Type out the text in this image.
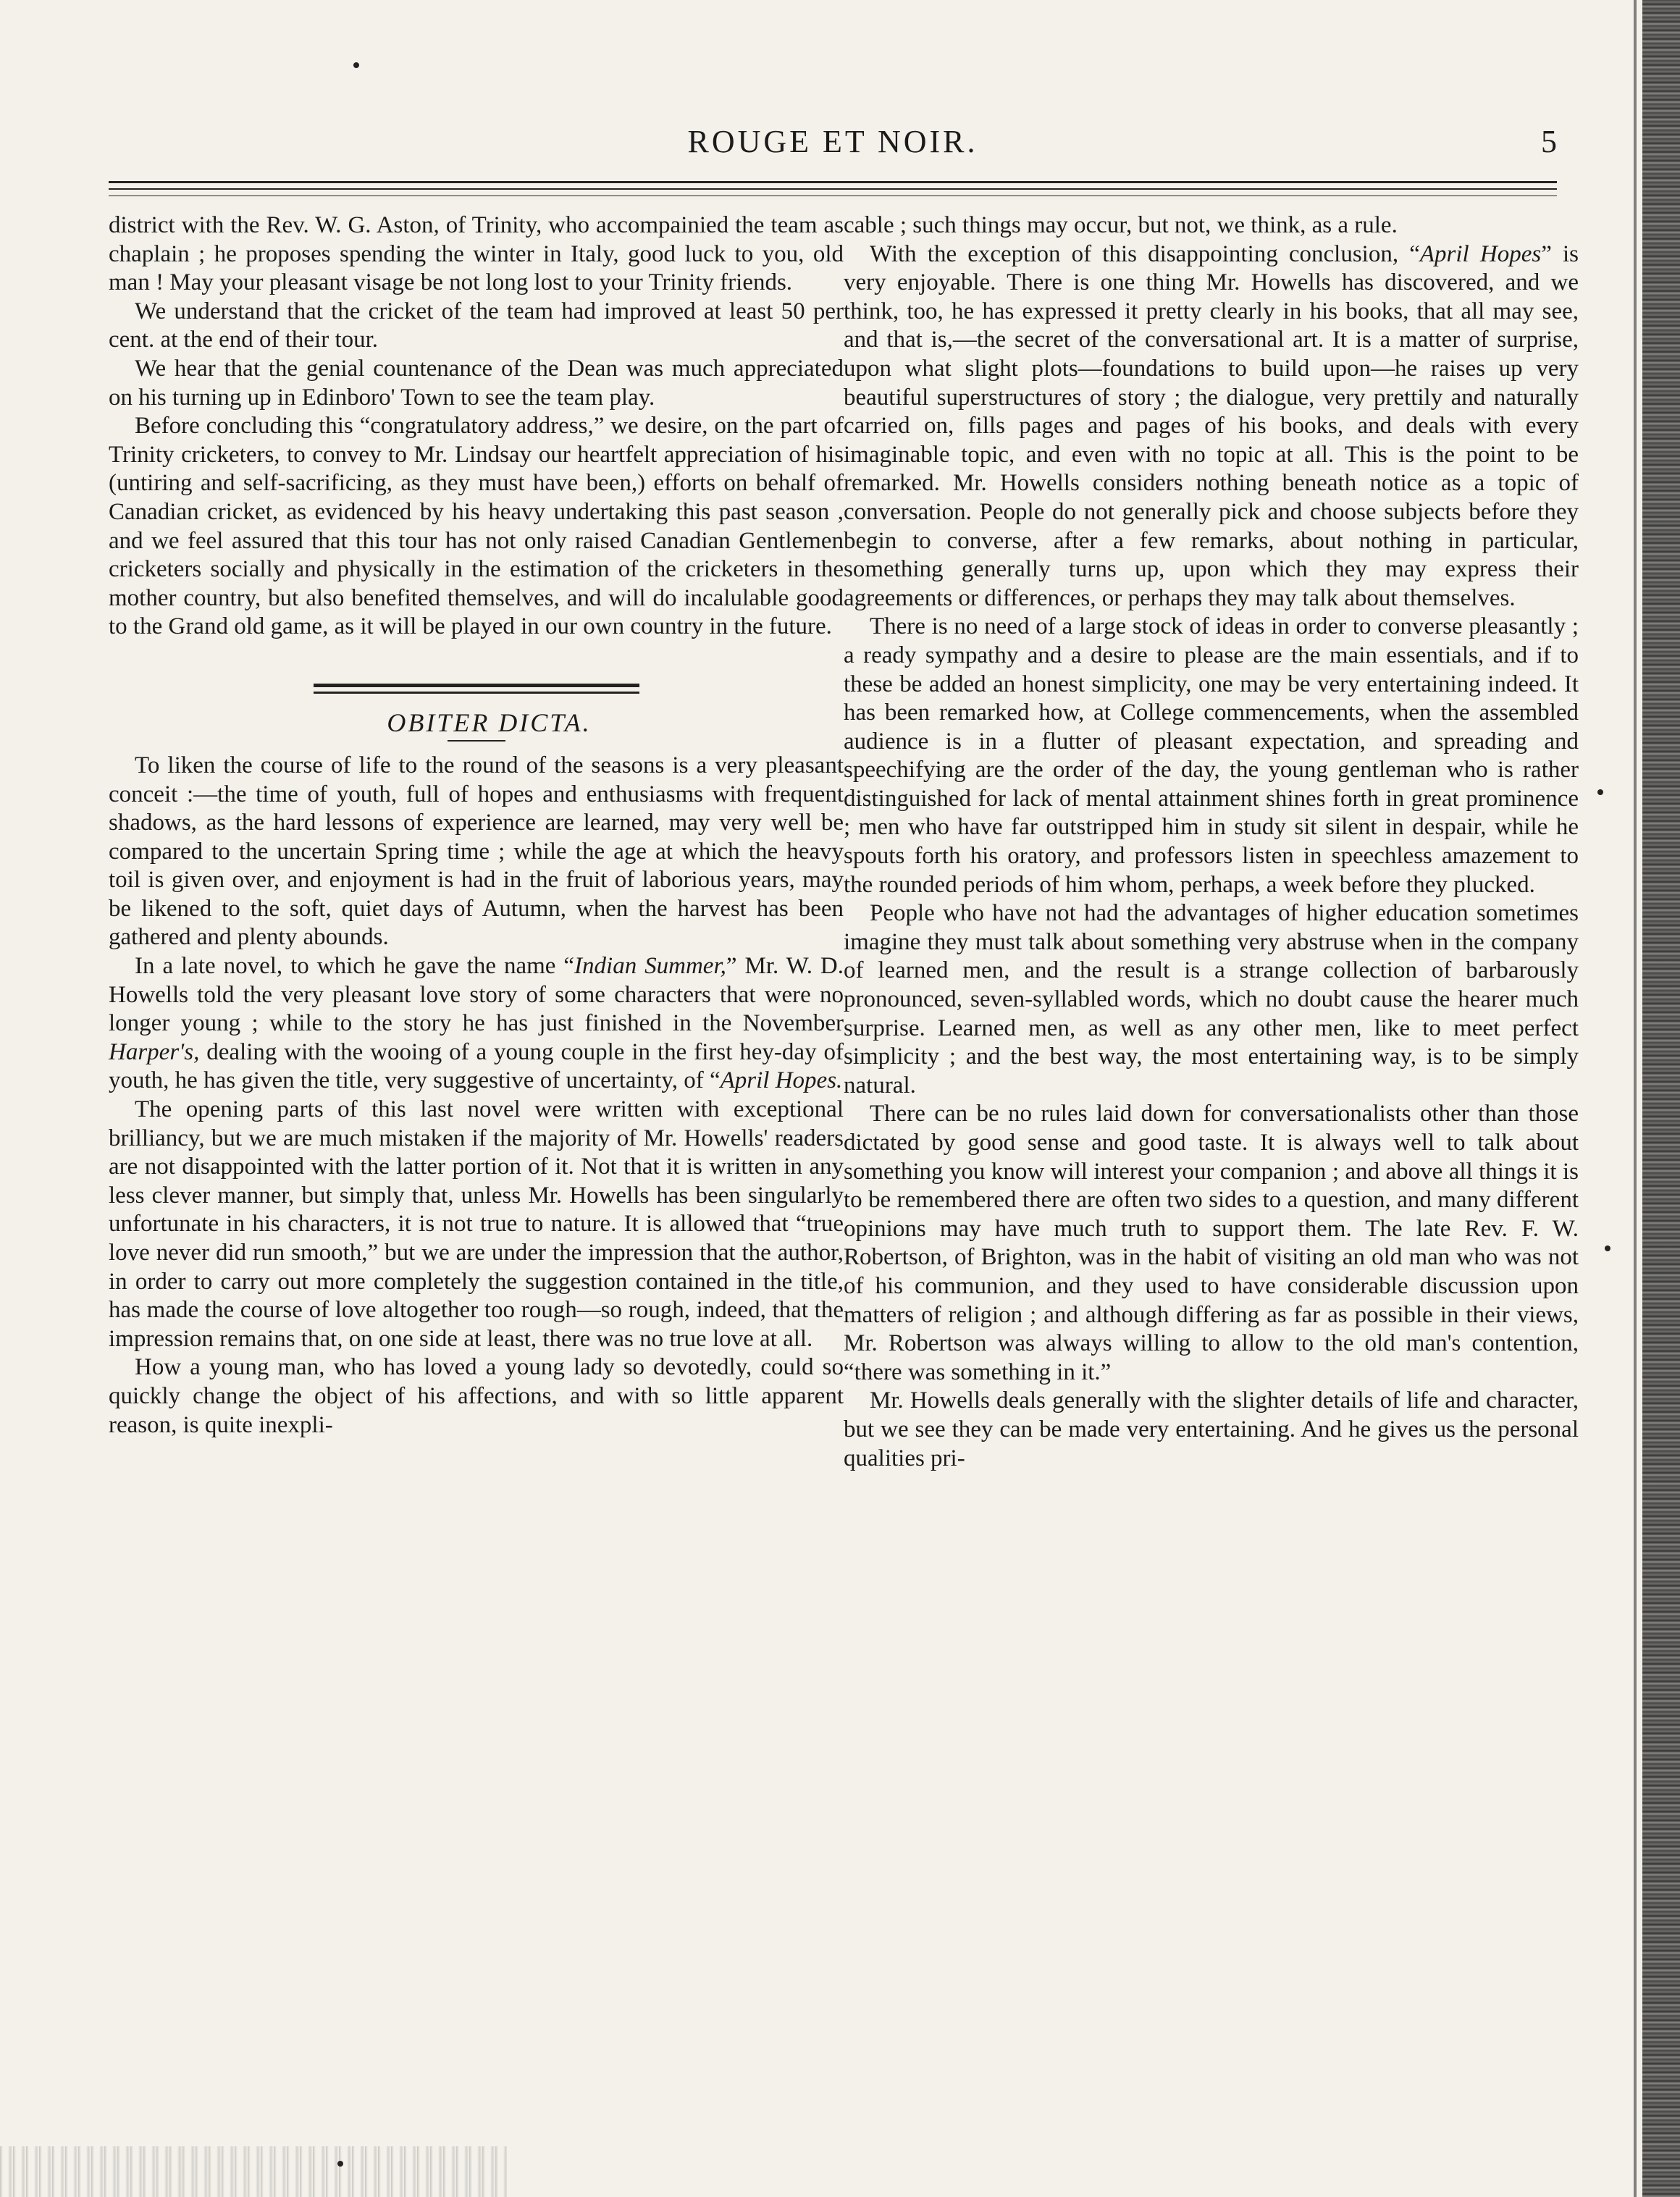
ROUGE ET NOIR.	5

district with the Rev. W. G. Aston, of Trinity, who accompainied the team as chaplain ; he proposes spending the winter in Italy, good luck to you, old man ! May your pleasant visage be not long lost to your Trinity friends.

We understand that the cricket of the team had improved at least 50 per cent. at the end of their tour.

We hear that the genial countenance of the Dean was much appreciated on his turning up in Edinboro' Town to see the team play.

Before concluding this “congratulatory address,” we desire, on the part of Trinity cricketers, to convey to Mr. Lindsay our heartfelt appreciation of his (untiring and self-sacrificing, as they must have been,) efforts on behalf of Canadian cricket, as evidenced by his heavy undertaking this past season , and we feel assured that this tour has not only raised Canadian Gentlemen cricketers socially and physically in the estimation of the cricketers in the mother country, but also benefited themselves, and will do incalulable good to the Grand old game, as it will be played in our own country in the future.

OBITER DICTA.

To liken the course of life to the round of the seasons is a very pleasant conceit :—the time of youth, full of hopes and enthusiasms with frequent shadows, as the hard lessons of experience are learned, may very well be compared to the uncertain Spring time ; while the age at which the heavy toil is given over, and enjoyment is had in the fruit of laborious years, may be likened to the soft, quiet days of Autumn, when the harvest has been gathered and plenty abounds.

In a late novel, to which he gave the name “Indian Summer,” Mr. W. D. Howells told the very pleasant love story of some characters that were no longer young ; while to the story he has just finished in the November Harper's, dealing with the wooing of a young couple in the first hey-day of youth, he has given the title, very suggestive of uncertainty, of “April Hopes.

The opening parts of this last novel were written with exceptional brilliancy, but we are much mistaken if the majority of Mr. Howells' readers are not disappointed with the latter portion of it. Not that it is written in any less clever manner, but simply that, unless Mr. Howells has been singularly unfortunate in his characters, it is not true to nature. It is allowed that “true love never did run smooth,” but we are under the impression that the author, in order to carry out more completely the suggestion contained in the title, has made the course of love altogether too rough—so rough, indeed, that the impression remains that, on one side at least, there was no true love at all.

How a young man, who has loved a young lady so devotedly, could so quickly change the object of his affections, and with so little apparent reason, is quite inexpli-

cable ; such things may occur, but not, we think, as a rule.

With the exception of this disappointing conclusion, “April Hopes” is very enjoyable. There is one thing Mr. Howells has discovered, and we think, too, he has expressed it pretty clearly in his books, that all may see, and that is,—the secret of the conversational art. It is a matter of surprise, upon what slight plots—foundations to build upon—he raises up very beautiful superstructures of story ; the dialogue, very prettily and naturally carried on, fills pages and pages of his books, and deals with every imaginable topic, and even with no topic at all. This is the point to be remarked. Mr. Howells considers nothing beneath notice as a topic of conversation. People do not generally pick and choose subjects before they begin to converse, after a few remarks, about nothing in particular, something generally turns up, upon which they may express their agreements or differences, or perhaps they may talk about themselves.

There is no need of a large stock of ideas in order to converse pleasantly ; a ready sympathy and a desire to please are the main essentials, and if to these be added an honest simplicity, one may be very entertaining indeed. It has been remarked how, at College commencements, when the assembled audience is in a flutter of pleasant expectation, and spreading and speechifying are the order of the day, the young gentleman who is rather distinguished for lack of mental attainment shines forth in great prominence ; men who have far outstripped him in study sit silent in despair, while he spouts forth his oratory, and professors listen in speechless amazement to the rounded periods of him whom, perhaps, a week before they plucked.

People who have not had the advantages of higher education sometimes imagine they must talk about something very abstruse when in the company of learned men, and the result is a strange collection of barbarously pronounced, seven-syllabled words, which no doubt cause the hearer much surprise. Learned men, as well as any other men, like to meet perfect simplicity ; and the best way, the most entertaining way, is to be simply natural.

There can be no rules laid down for conversationalists other than those dictated by good sense and good taste. It is always well to talk about something you know will interest your companion ; and above all things it is to be remembered there are often two sides to a question, and many different opinions may have much truth to support them. The late Rev. F. W. Robertson, of Brighton, was in the habit of visiting an old man who was not of his communion, and they used to have considerable discussion upon matters of religion ; and although differing as far as possible in their views, Mr. Robertson was always willing to allow to the old man's contention, “there was something in it.”

Mr. Howells deals generally with the slighter details of life and character, but we see they can be made very entertaining. And he gives us the personal qualities pri-
